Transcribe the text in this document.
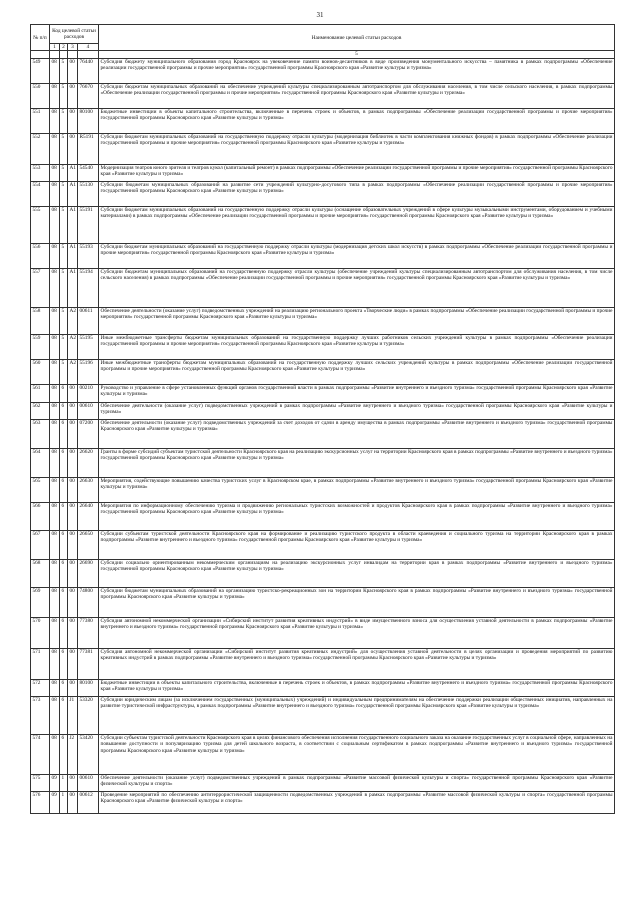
31
№ п/п	Код целевой статьи расходов				Наименование целевой статьи расходов
	1	2	3	4	
					5
549	08	5	00	76440	Субсидия бюджету муниципального образования город Красноярск на увековечение памяти воинов-десантников в виде произведения монументального искусства – памятника в рамках подпрограммы «Обеспечение реализации государственной программы и прочие мероприятия» государственной программы Красноярского края «Развитие культуры и туризма»
550	08	5	00	76670	Субсидии бюджетам муниципальных образований на обеспечение учреждений культуры специализированным автотранспортом для обслуживания населения, в том числе сельского населения, в рамках подпрограммы «Обеспечение реализации государственной программы и прочие мероприятия» государственной программы Красноярского края «Развитие культуры и туризма»
551	08	5	00	80100	Бюджетные инвестиции в объекты капитального строительства, включенные в перечень строек и объектов, в рамках подпрограммы «Обеспечение реализации государственной программы и прочие мероприятия» государственной программы Красноярского края «Развитие культуры и туризма»
552	08	5	00	R5191	Субсидии бюджетам муниципальных образований на государственную поддержку отрасли культуры (модернизация библиотек в части комплектования книжных фондов) в рамках подпрограммы «Обеспечение реализации государственной программы и прочие мероприятия» государственной программы Красноярского края «Развитие культуры и туризма»
553	08	5	А1	54540	Модернизация театров юного зрителя и театров кукол (капитальный ремонт) в рамках подпрограммы «Обеспечение реализации государственной программы и прочие мероприятия» государственной программы Красноярского края «Развитие культуры и туризма»
554	08	5	А1	55130	Субсидии бюджетам муниципальных образований на развитие сети учреждений культурно-досугового типа в рамках подпрограммы «Обеспечение реализации государственной программы и прочие мероприятия» государственной программы Красноярского края «Развитие культуры и туризма»
555	08	5	А1	55191	Субсидии бюджетам муниципальных образований на государственную поддержку отрасли культуры (оснащение образовательных учреждений в сфере культуры музыкальными инструментами, оборудованием и учебными материалами) в рамках подпрограммы «Обеспечение реализации государственной программы и прочие мероприятия» государственной программы Красноярского края «Развитие культуры и туризма»
556	08	5	А1	55193	Субсидии бюджетам муниципальных образований на государственную поддержку отрасли культуры (модернизация детских школ искусств) в рамках подпрограммы «Обеспечение реализации государственной программы и прочие мероприятия» государственной программы Красноярского края «Развитие культуры и туризма»
557	08	5	А1	55194	Субсидии бюджетам муниципальных образований на государственную поддержку отрасли культуры (обеспечение учреждений культуры специализированным автотранспортом для обслуживания населения, в том числе сельского населения) в рамках подпрограммы «Обеспечение реализации государственной программы и прочие мероприятия» государственной программы Красноярского края «Развитие культуры и туризма»
558	08	5	А2	00611	Обеспечение деятельности (оказание услуг) подведомственных учреждений на реализацию регионального проекта «Творческие люди» в рамках подпрограммы «Обеспечение реализации государственной программы и прочие мероприятия» государственной программы Красноярского края «Развитие культуры и туризма»
559	08	5	А2	55195	Иные межбюджетные трансферты бюджетам муниципальных образований на государственную поддержку лучших работников сельских учреждений культуры в рамках подпрограммы «Обеспечение реализации государственной программы и прочие мероприятия» государственной программы Красноярского края «Развитие культуры и туризма»
560	08	5	А2	55196	Иные межбюджетные трансферты бюджетам муниципальных образований на государственную поддержку лучших сельских учреждений культуры в рамках подпрограммы «Обеспечение реализации государственной программы и прочие мероприятия» государственной программы Красноярского края «Развитие культуры и туризма»
561	08	6	00	00210	Руководство и управление в сфере установленных функций органов государственной власти в рамках подпрограммы «Развитие внутреннего и въездного туризма» государственной программы Красноярского края «Развитие культуры и туризма»
562	08	6	00	00610	Обеспечение деятельности (оказание услуг) подведомственных учреждений в рамках подпрограммы «Развитие внутреннего и въездного туризма» государственной программы Красноярского края «Развитие культуры и туризма»
563	08	6	00	07200	Обеспечение деятельности (оказание услуг) подведомственных учреждений за счет доходов от сдачи в аренду имущества в рамках подпрограммы «Развитие внутреннего и въездного туризма» государственной программы Красноярского края «Развитие культуры и туризма»
564	08	6	00	26620	Гранты в форме субсидий субъектам туристской деятельности Красноярского края на реализацию экскурсионных услуг на территории Красноярского края в рамках подпрограммы «Развитие внутреннего и въездного туризма» государственной программы Красноярского края «Развитие культуры и туризма»
565	08	6	00	26630	Мероприятия, содействующие повышению качества туристских услуг в Красноярском крае, в рамках подпрограммы «Развитие внутреннего и въездного туризма» государственной программы Красноярского края «Развитие культуры и туризма»
566	08	6	00	26640	Мероприятия по информационному обеспечению туризма и продвижению региональных туристских возможностей и продуктов Красноярского края в рамках подпрограммы «Развитие внутреннего и въездного туризма» государственной программы Красноярского края «Развитие культуры и туризма»
567	08	6	00	26650	Субсидии субъектам туристской деятельности Красноярского края на формирование и реализацию туристского продукта в области краеведения и социального туризма на территории Красноярского края в рамках подпрограммы «Развитие внутреннего и въездного туризма» государственной программы Красноярского края «Развитие культуры и туризма»
568	08	6	00	26690	Субсидии социально ориентированным некоммерческим организациям на реализацию экскурсионных услуг инвалидам на территории края в рамках подпрограммы «Развитие внутреннего и въездного туризма» государственной программы Красноярского края «Развитие культуры и туризма»
569	08	6	00	74800	Субсидии бюджетам муниципальных образований на организацию туристско-рекреационных зон на территории Красноярского края в рамках подпрограммы «Развитие внутреннего и въездного туризма» государственной программы Красноярского края «Развитие культуры и туризма»
570	08	6	00	77380	Субсидия автономной некоммерческой организации «Сибирский институт развития креативных индустрий» в виде имущественного взноса для осуществления уставной деятельности в рамках подпрограммы «Развитие внутреннего и въездного туризма» государственной программы Красноярского края «Развитие культуры и туризма»
571	08	6	00	77381	Субсидия автономной некоммерческой организации «Сибирский институт развития креативных индустрий» для осуществления уставной деятельности в целях организации и проведения мероприятий по развитию креативных индустрий в рамках подпрограммы «Развитие внутреннего и въездного туризма» государственной программы Красноярского края «Развитие культуры и туризма»
572	08	6	00	80100	Бюджетные инвестиции в объекты капитального строительства, включенные в перечень строек и объектов, в рамках подпрограммы «Развитие внутреннего и въездного туризма» государственной программы Красноярского края «Развитие культуры и туризма»
573	08	6	J1	53320	Субсидии юридическим лицам (за исключением государственных (муниципальных) учреждений) и индивидуальным предпринимателям на обеспечение поддержки реализации общественных инициатив, направленных на развитие туристической инфраструктуры, в рамках подпрограммы «Развитие внутреннего и въездного туризма» государственной программы Красноярского края «Развитие культуры и туризма»
574	08	6	J2	53420	Субсидии субъектам туристской деятельности Красноярского края в целях финансового обеспечения исполнения государственного социального заказа на оказание государственных услуг в социальной сфере, направленных на повышение доступности и популяризацию туризма для детей школьного возраста, в соответствии с социальным сертификатом в рамках подпрограммы «Развитие внутреннего и въездного туризма» государственной программы Красноярского края «Развитие культуры и туризма»
575	09	1	00	00610	Обеспечение деятельности (оказание услуг) подведомственных учреждений в рамках подпрограммы «Развитие массовой физической культуры и спорта» государственной программы Красноярского края «Развитие физической культуры и спорта»
576	09	1	00	00612	Проведение мероприятий по обеспечению антитеррористической защищенности подведомственных учреждений в рамках подпрограммы «Развитие массовой физической культуры и спорта» государственной программы Красноярского края «Развитие физической культуры и спорта»
